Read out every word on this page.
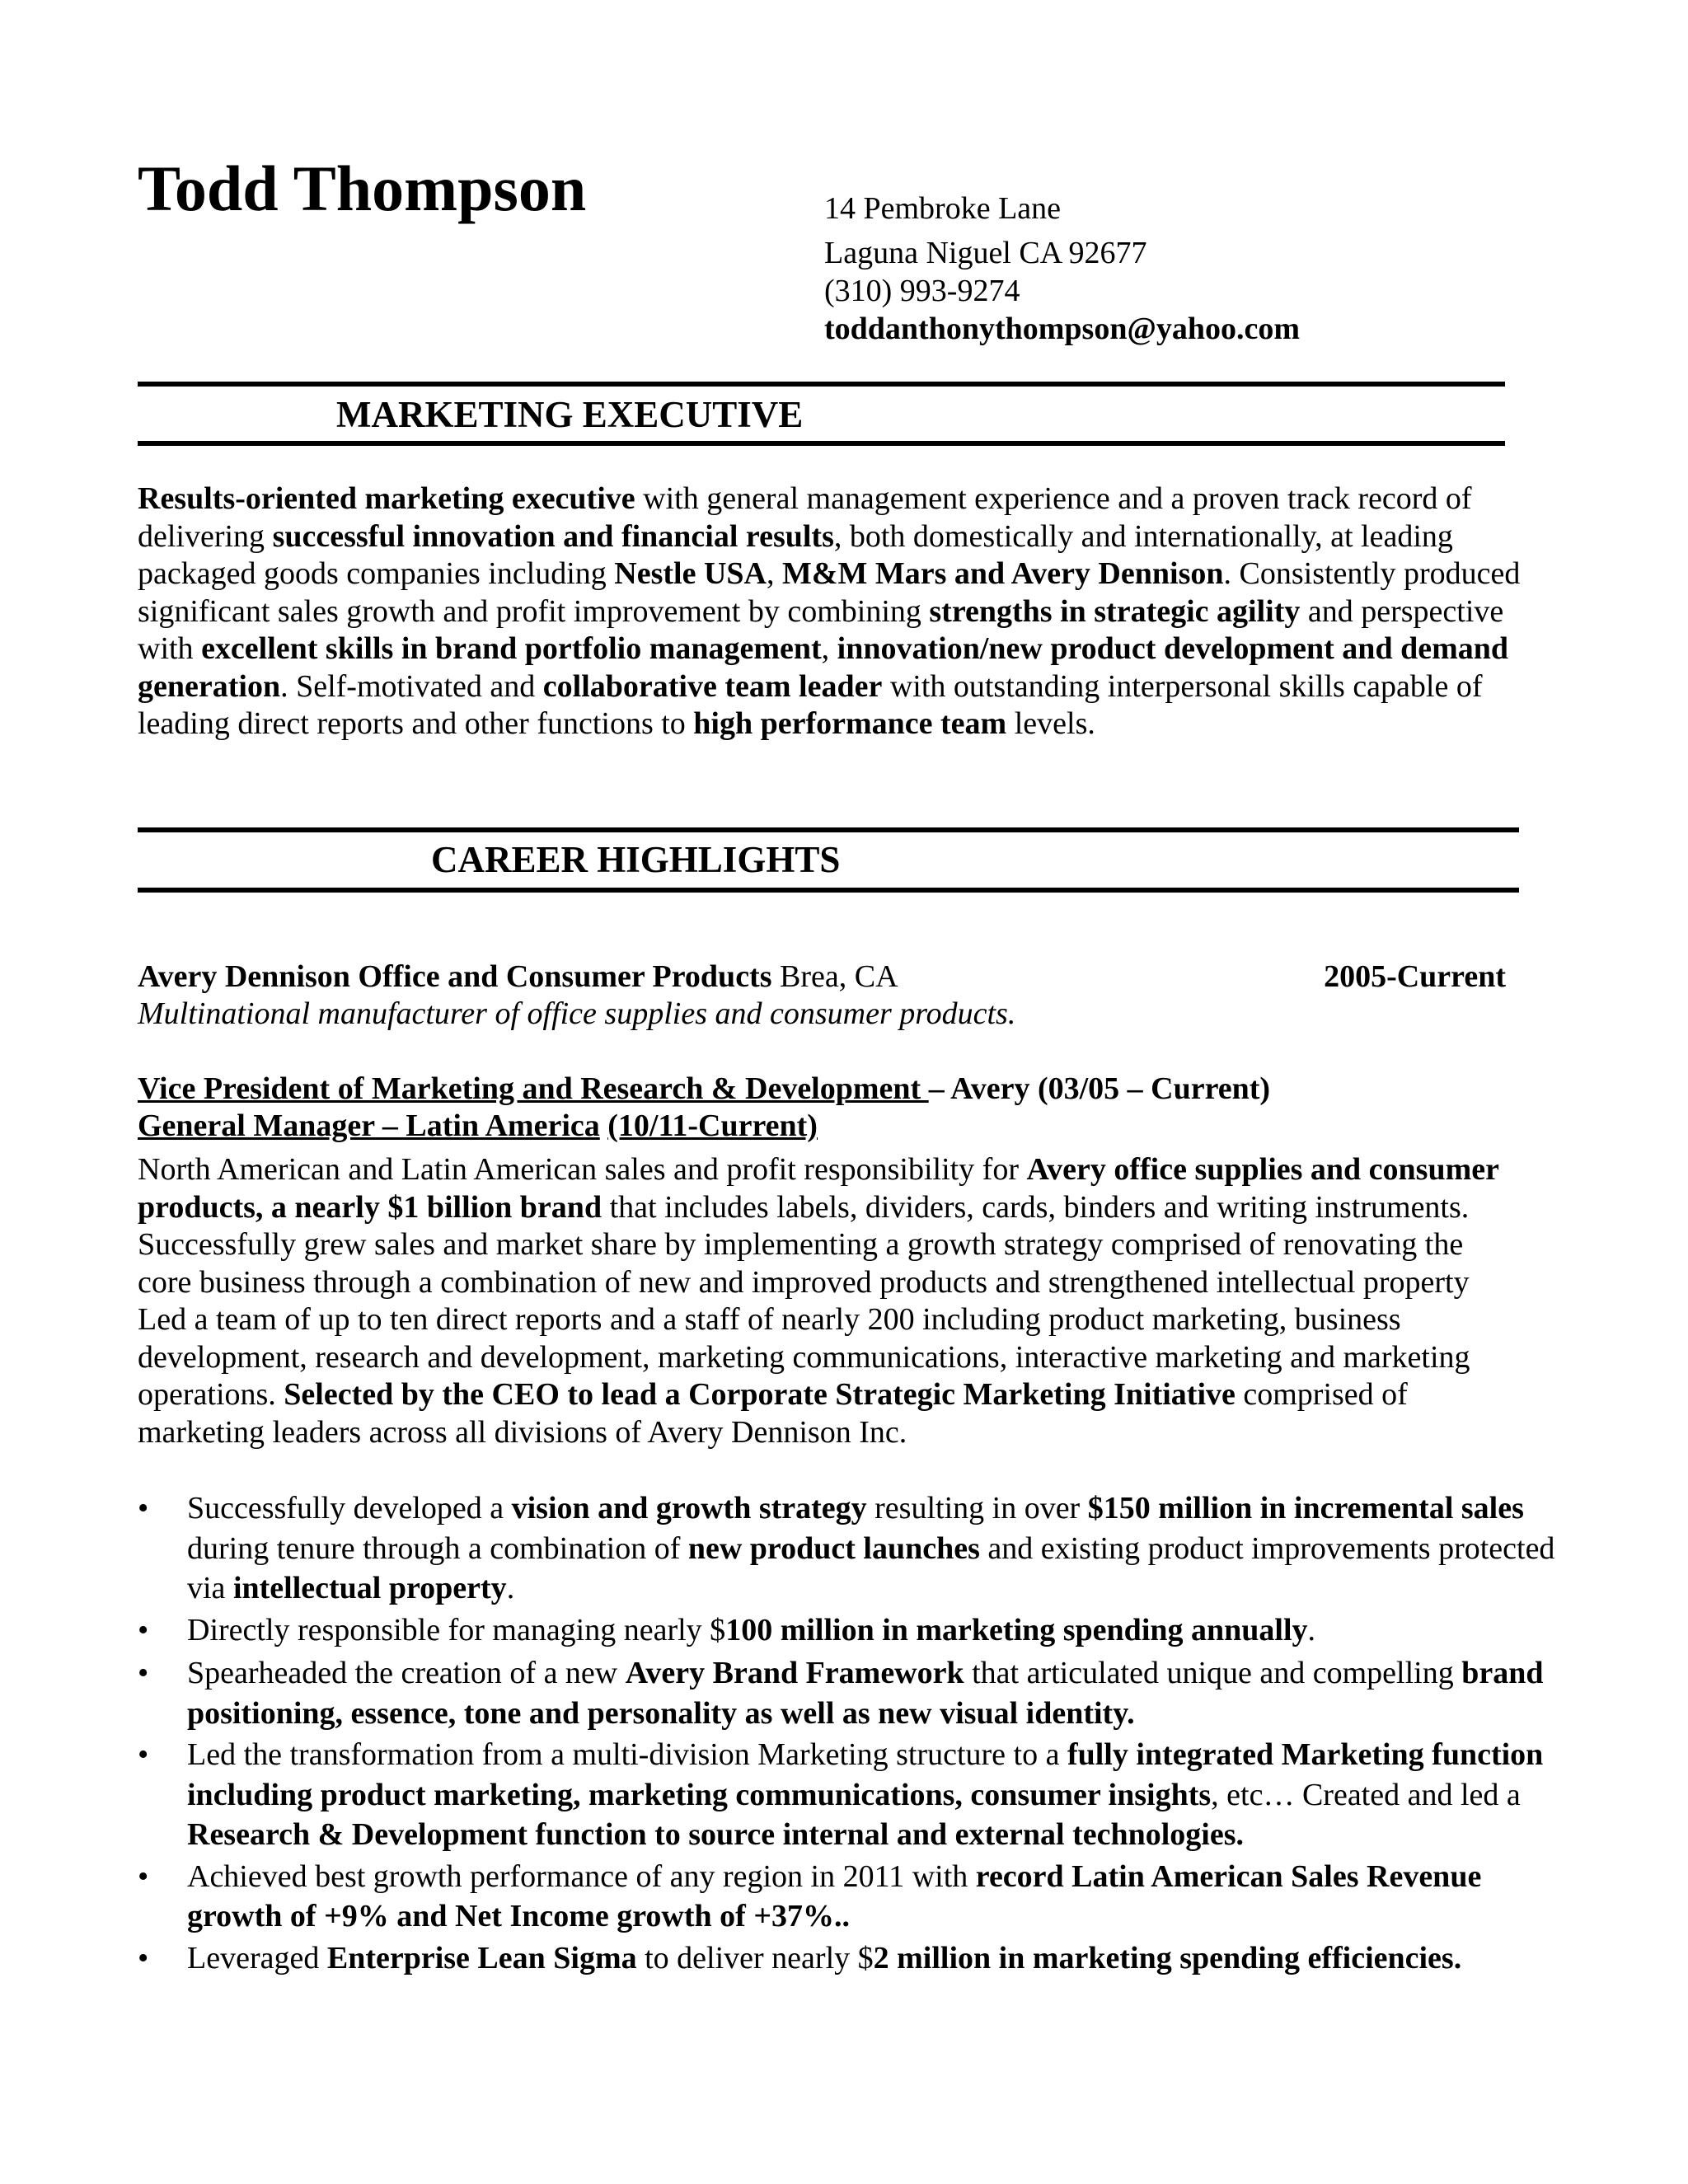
Todd Thompson	14 Pembroke Lane
Laguna Niguel CA 92677
(310) 993-9274
toddanthonythompson@yahoo.com
MARKETING EXECUTIVE

Results-oriented marketing executive with general management experience and a proven track record of delivering successful innovation and financial results, both domestically and internationally, at leading packaged goods companies including Nestle USA, M&M Mars and Avery Dennison. Consistently produced significant sales growth and profit improvement by combining strengths in strategic agility and perspective with excellent skills in brand portfolio management, innovation/new product development and demand generation. Self-motivated and collaborative team leader with outstanding interpersonal skills capable of leading direct reports and other functions to high performance team levels.

CAREER HIGHLIGHTS
Avery Dennison Office and Consumer Products Brea, CA	2005-Current
Multinational manufacturer of office supplies and consumer products.
Vice President of Marketing and Research & Development – Avery (03/05 – Current)
General Manager – Latin America (10/11-Current)

North American and Latin American sales and profit responsibility for Avery office supplies and consumer products, a nearly $1 billion brand that includes labels, dividers, cards, binders and writing instruments. Successfully grew sales and market share by implementing a growth strategy comprised of renovating the core business through a combination of new and improved products and strengthened intellectual property Led a team of up to ten direct reports and a staff of nearly 200 including product marketing, business development, research and development, marketing communications, interactive marketing and marketing operations. Selected by the CEO to lead a Corporate Strategic Marketing Initiative comprised of marketing leaders across all divisions of Avery Dennison Inc.

• Successfully developed a vision and growth strategy resulting in over $150 million in incremental sales during tenure through a combination of new product launches and existing product improvements protected via intellectual property.
• Directly responsible for managing nearly $100 million in marketing spending annually.
• Spearheaded the creation of a new Avery Brand Framework that articulated unique and compelling brand positioning, essence, tone and personality as well as new visual identity.
• Led the transformation from a multi-division Marketing structure to a fully integrated Marketing function including product marketing, marketing communications, consumer insights, etc… Created and led a Research & Development function to source internal and external technologies.
• Achieved best growth performance of any region in 2011 with record Latin American Sales Revenue growth of +9% and Net Income growth of +37%..
• Leveraged Enterprise Lean Sigma to deliver nearly $2 million in marketing spending efficiencies.
